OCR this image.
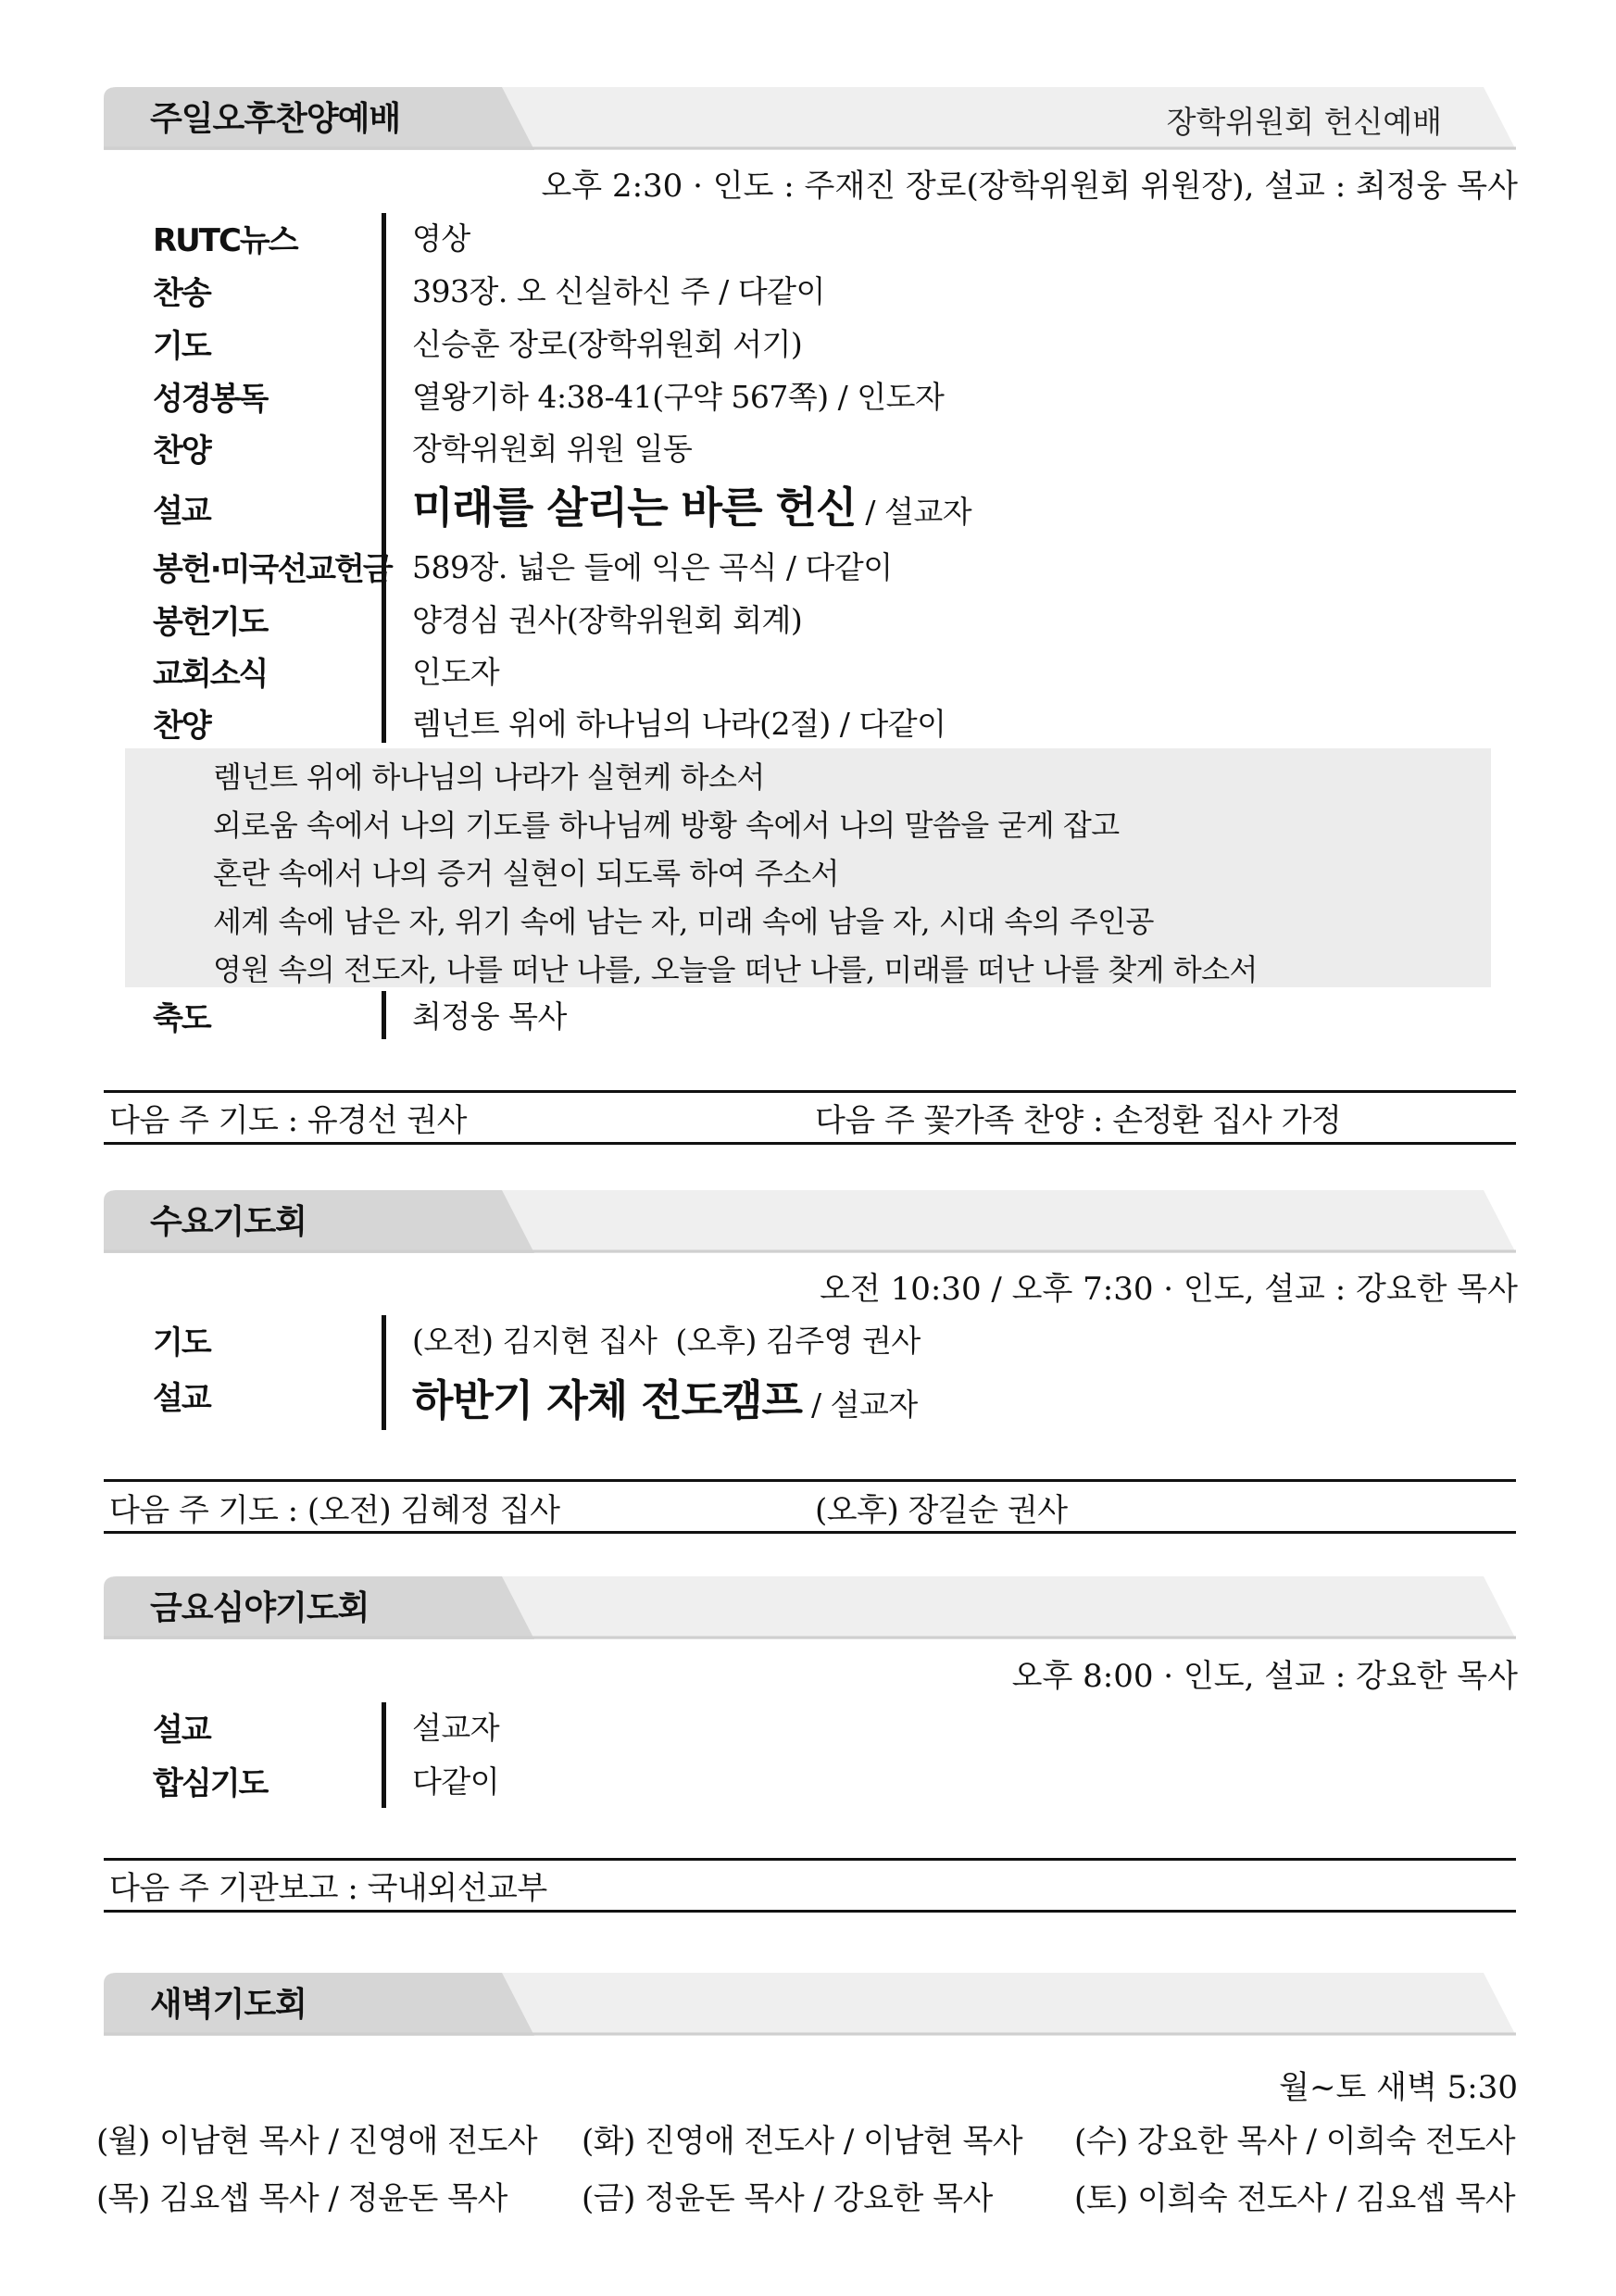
주일오후찬양예배	장학위원회 헌신예배
오후 2:30 · 인도 : 주재진 장로(장학위원회 위원장), 설교 : 최정웅 목사
RUTC뉴스	영상
찬송	393장. 오 신실하신 주 / 다같이
기도	신승훈 장로(장학위원회 서기)
성경봉독	열왕기하 4:38-41(구약 567쪽) / 인도자
찬양	장학위원회 위원 일동
설교	미래를 살리는 바른 헌신 / 설교자
봉헌·미국선교헌금 589장. 넓은 들에 익은 곡식 / 다같이
봉헌기도	양경심 권사(장학위원회 회계)
교회소식	인도자
찬양	렘넌트 위에 하나님의 나라(2절) / 다같이
렘넌트 위에 하나님의 나라가 실현케 하소서
외로움 속에서 나의 기도를 하나님께 방황 속에서 나의 말씀을 굳게 잡고
혼란 속에서 나의 증거 실현이 되도록 하여 주소서
세계 속에 남은 자, 위기 속에 남는 자, 미래 속에 남을 자, 시대 속의 주인공
영원 속의 전도자, 나를 떠난 나를, 오늘을 떠난 나를, 미래를 떠난 나를 찾게 하소서
축도	최정웅 목사
다음 주 기도 : 유경선 권사	다음 주 꽃가족 찬양 : 손정환 집사 가정
수요기도회
오전 10:30 / 오후 7:30 · 인도, 설교 : 강요한 목사
기도	(오전) 김지현 집사  (오후) 김주영 권사
설교	하반기 자체 전도캠프 / 설교자
다음 주 기도 : (오전) 김혜정 집사	(오후) 장길순 권사
금요심야기도회
오후 8:00 · 인도, 설교 : 강요한 목사
설교	설교자
합심기도	다같이
다음 주 기관보고 : 국내외선교부
새벽기도회
월~토 새벽 5:30
(월) 이남현 목사 / 진영애 전도사 (화) 진영애 전도사 / 이남현 목사 (수) 강요한 목사 / 이희숙 전도사
(목) 김요셉 목사 / 정윤돈 목사 (금) 정윤돈 목사 / 강요한 목사	(토) 이희숙 전도사 / 김요셉 목사
